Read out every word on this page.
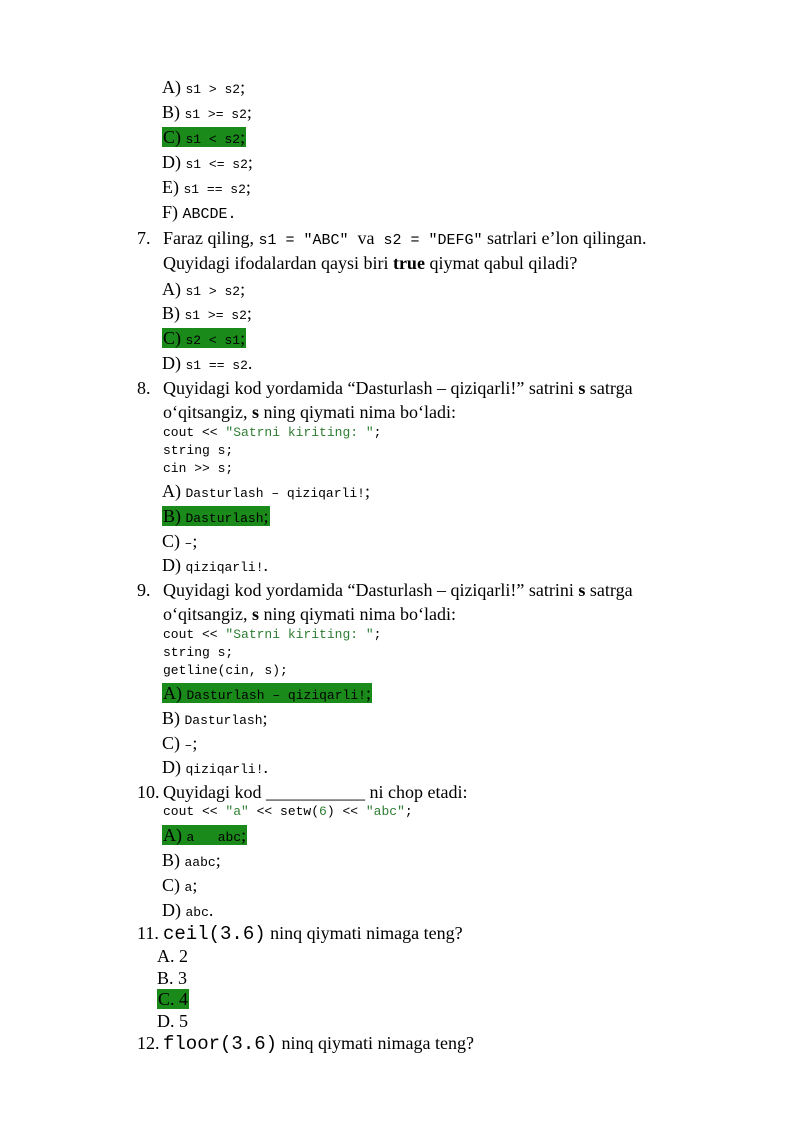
A) s1 > s2;
B) s1 >= s2;
C) s1 < s2;
D) s1 <= s2;
E) s1 == s2;
F) ABCDE.
7. Faraz qiling, s1 = "ABC" va s2 = "DEFG" satrlari e’lon qilingan.
Quyidagi ifodalardan qaysi biri true qiymat qabul qiladi?
A) s1 > s2;
B) s1 >= s2;
C) s2 < s1;
D) s1 == s2.
8. Quyidagi kod yordamida “Dasturlash – qiziqarli!” satrini s satrga
o‘qitsangiz, s ning qiymati nima bo‘ladi:
cout << "Satrni kiriting: ";
string s;
cin >> s;
A) Dasturlash – qiziqarli!;
B) Dasturlash;
C) –;
D) qiziqarli!.
9. Quyidagi kod yordamida “Dasturlash – qiziqarli!” satrini s satrga
o‘qitsangiz, s ning qiymati nima bo‘ladi:
cout << "Satrni kiriting: ";
string s;
getline(cin, s);
A) Dasturlash – qiziqarli!;
B) Dasturlash;
C) –;
D) qiziqarli!.
10. Quyidagi kod ___________ ni chop etadi:
cout << "a" << setw(6) << "abc";
A) a   abc;
B) aabc;
C) a;
D) abc.
11. ceil(3.6) ninq qiymati nimaga teng?
A. 2
B. 3
C. 4
D. 5
12. floor(3.6) ninq qiymati nimaga teng?
